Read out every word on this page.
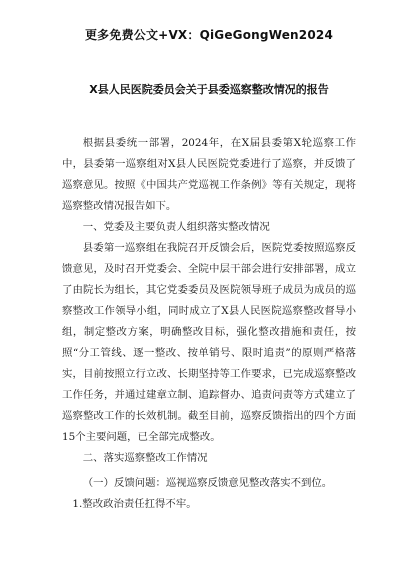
更多免费公文+VX：QiGeGongWen2024
X县人民医院委员会关于县委巡察整改情况的报告

根据县委统一部署，2024年，在X届县委第X轮巡察工作中，县委第一巡察组对X县人民医院党委进行了巡察，并反馈了巡察意见。按照《中国共产党巡视工作条例》等有关规定，现将巡察整改情况报告如下。

一、党委及主要负责人组织落实整改情况

县委第一巡察组在我院召开反馈会后，医院党委按照巡察反馈意见，及时召开党委会、全院中层干部会进行安排部署，成立了由院长为组长，其它党委委员及医院领导班子成员为成员的巡察整改工作领导小组，同时成立了X县人民医院巡察整改督导小组，制定整改方案，明确整改目标，强化整改措施和责任，按照“分工管线、逐一整改、按单销号、限时追责”的原则严格落实，目前按照立行立改、长期坚持等工作要求，已完成巡察整改工作任务，并通过建章立制、追踪督办、追责问责等方式建立了巡察整改工作的长效机制。截至目前，巡察反馈指出的四个方面15个主要问题，已全部完成整改。

二、落实巡察整改工作情况

（一）反馈问题：巡视巡察反馈意见整改落实不到位。

1.整改政治责任扛得不牢。
